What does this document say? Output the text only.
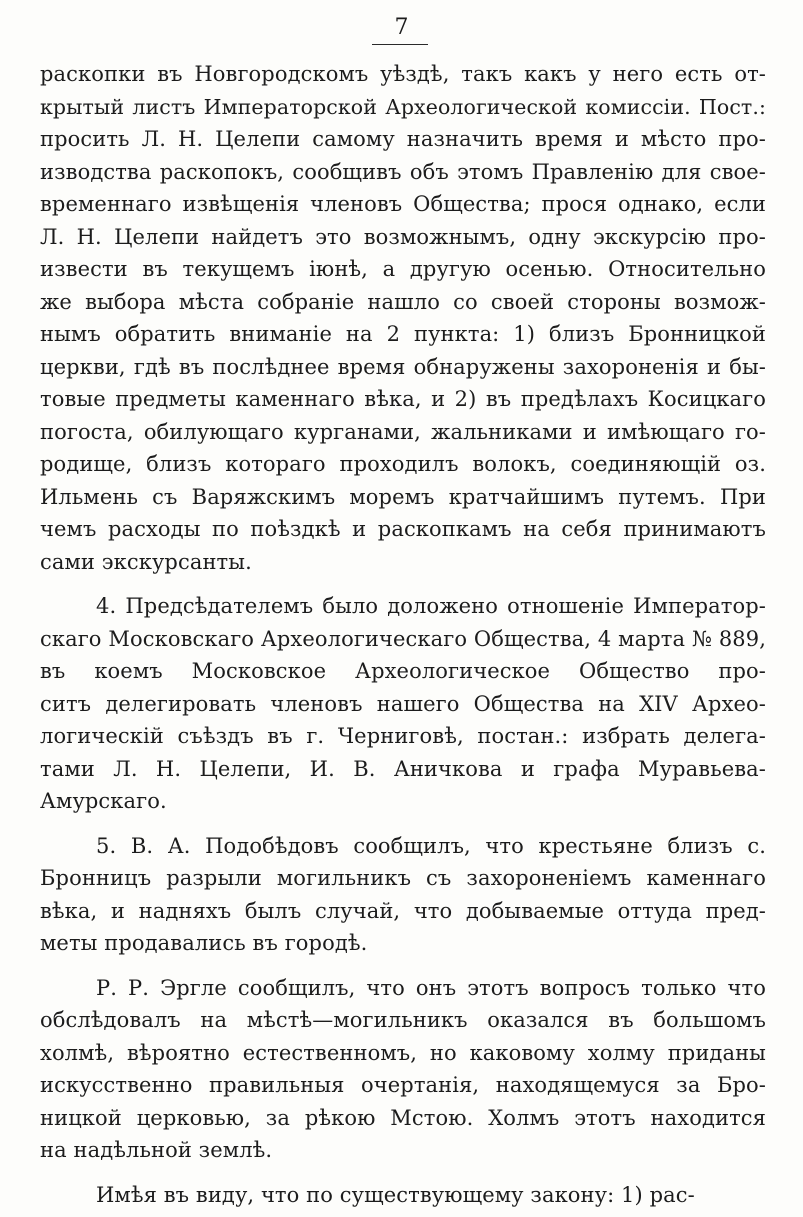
7
раскопки въ Новгородскомъ уѣздѣ, такъ какъ у него есть от-
крытый листъ Императорской Археологической комиссіи. Пост.:
просить Л. Н. Целепи самому назначить время и мѣсто про-
изводства раскопокъ, сообщивъ объ этомъ Правленію для свое-
временнаго извѣщенія членовъ Общества; прося однако, если
Л. Н. Целепи найдетъ это возможнымъ, одну экскурсію про-
извести въ текущемъ іюнѣ, а другую осенью. Относительно
же выбора мѣста собраніе нашло со своей стороны возмож-
нымъ обратить вниманіе на 2 пункта: 1) близъ Бронницкой
церкви, гдѣ въ послѣднее время обнаружены захороненія и бы-
товые предметы каменнаго вѣка, и 2) въ предѣлахъ Косицкаго
погоста, обилующаго курганами, жальниками и имѣющаго го-
родище, близъ котораго проходилъ волокъ, соединяющій оз.
Ильмень съ Варяжскимъ моремъ кратчайшимъ путемъ. При
чемъ расходы по поѣздкѣ и раскопкамъ на себя принимаютъ
сами экскурсанты.
4. Предсѣдателемъ было доложено отношеніе Император-
скаго Московскаго Археологическаго Общества, 4 марта № 889,
въ коемъ Московское Археологическое Общество про-
ситъ делегировать членовъ нашего Общества на XIV Архео-
логическій съѣздъ въ г. Черниговѣ, постан.: избрать делега-
тами Л. Н. Целепи, И. В. Аничкова и графа Муравьева-
Амурскаго.
5. В. А. Подобѣдовъ сообщилъ, что крестьяне близъ с.
Бронницъ разрыли могильникъ съ захороненіемъ каменнаго
вѣка, и надняхъ былъ случай, что добываемые оттуда пред-
меты продавались въ городѣ.
Р. Р. Эргле сообщилъ, что онъ этотъ вопросъ только что
обслѣдовалъ на мѣстѣ—могильникъ оказался въ большомъ
холмѣ, вѣроятно естественномъ, но каковому холму приданы
искусственно правильныя очертанія, находящемуся за Бро-
ницкой церковью, за рѣкою Мстою. Холмъ этотъ находится
на надѣльной землѣ.
Имѣя въ виду, что по существующему закону: 1) рас-
